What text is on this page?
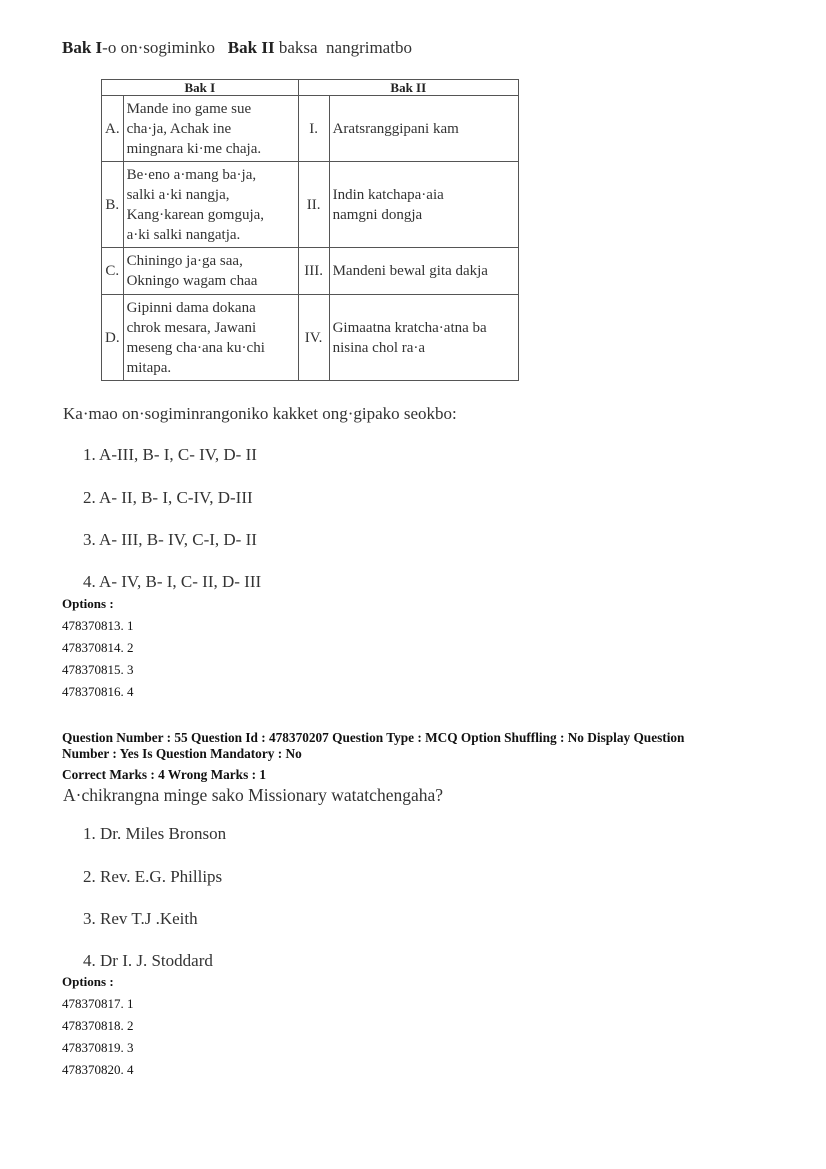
Bak I-o on·sogiminko   Bak II baksa  nangrimatbo
Bak I		Bak II	
A.	Mande ino game sue
cha·ja, Achak ine
mingnara ki·me chaja.	I.	Aratsranggipani kam
B.	Be·eno a·mang ba·ja,
salki a·ki nangja,
Kang·karean gomguja,
a·ki salki nangatja.	II.	Indin katchapa·aia
namgni dongja
C.	Chiningo ja·ga saa,
Okningo wagam chaa	III.	Mandeni bewal gita dakja
D.	Gipinni dama dokana
chrok mesara, Jawani
meseng cha·ana ku·chi
mitapa.	IV.	Gimaatna kratcha·atna ba
nisina chol ra·a
Ka·mao on·sogiminrangoniko kakket ong·gipako seokbo:
1. A-III, B- I, C- IV, D- II
2. A- II, B- I, C-IV, D-III
3. A- III, B- IV, C-I, D- II
4. A- IV, B- I, C- II, D- III
Options :
478370813. 1
478370814. 2
478370815. 3
478370816. 4
Question Number : 55 Question Id : 478370207 Question Type : MCQ Option Shuffling : No Display Question
Number : Yes Is Question Mandatory : No
Correct Marks : 4 Wrong Marks : 1
A·chikrangna minge sako Missionary watatchengaha?
1. Dr. Miles Bronson
2. Rev. E.G. Phillips
3. Rev T.J .Keith
4. Dr I. J. Stoddard
Options :
478370817. 1
478370818. 2
478370819. 3
478370820. 4
